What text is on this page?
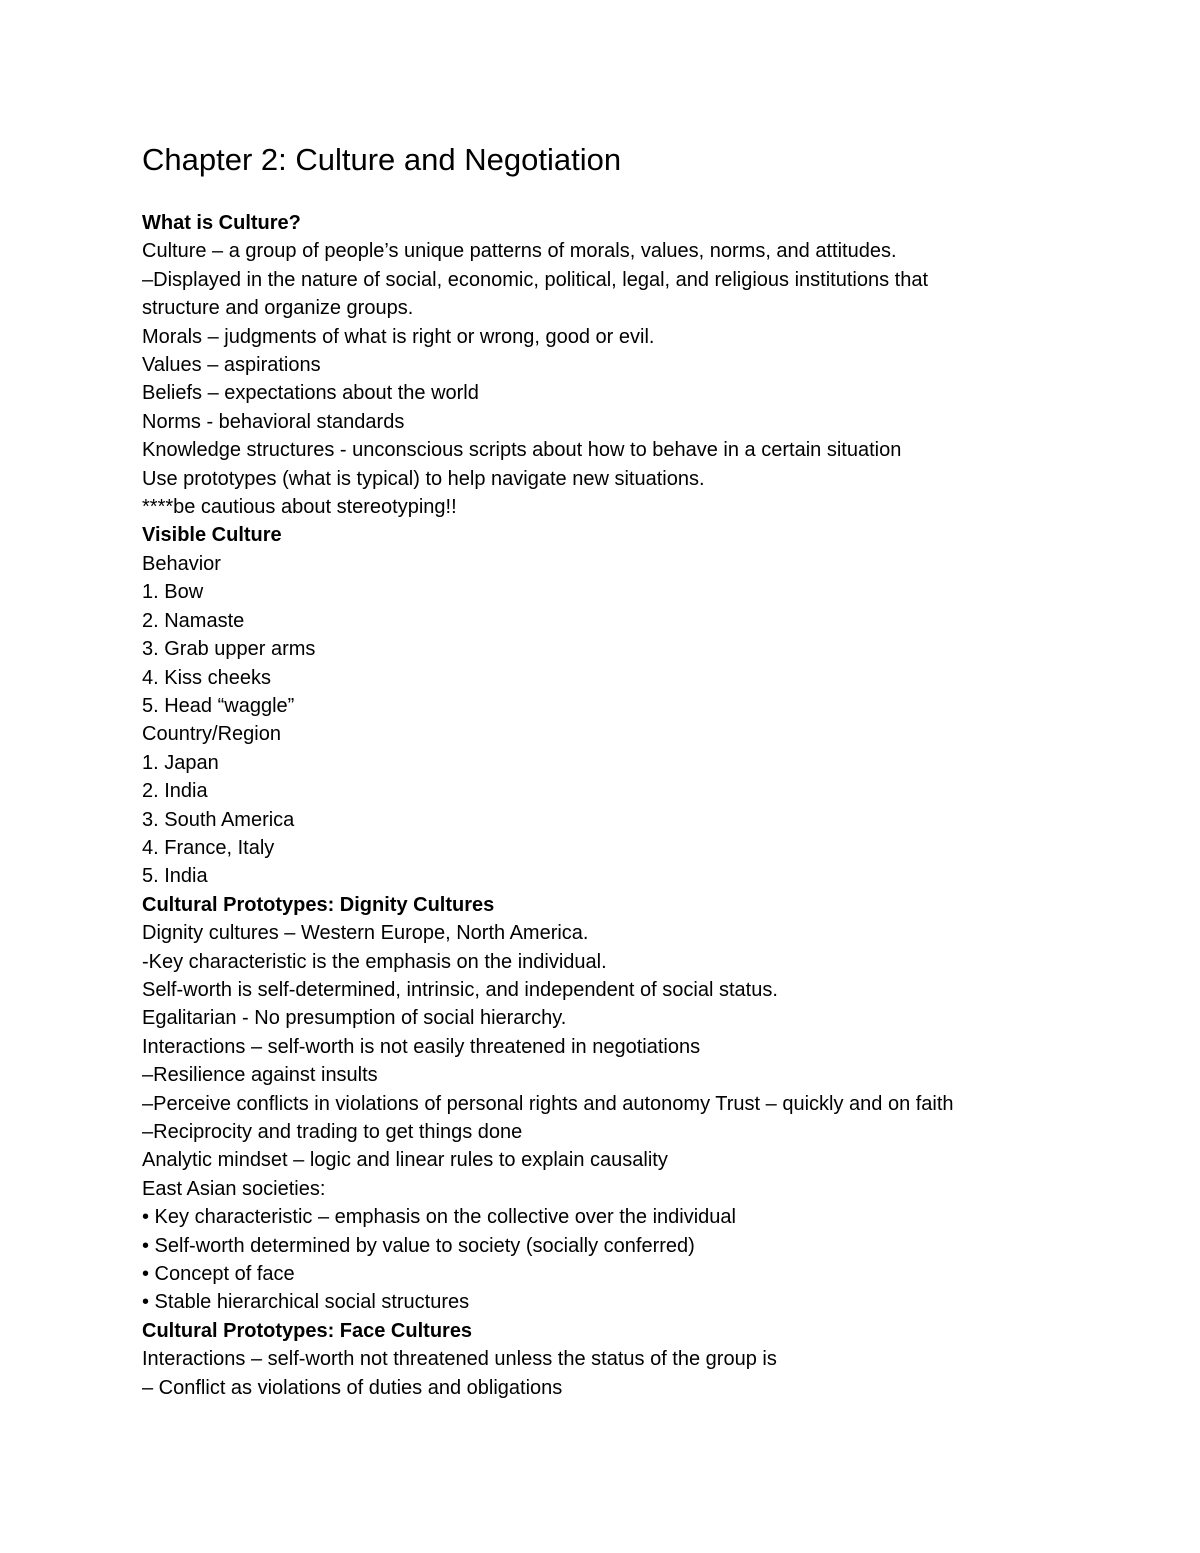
Chapter 2: Culture and Negotiation
What is Culture?
Culture – a group of people’s unique patterns of morals, values, norms, and attitudes.
–Displayed in the nature of social, economic, political, legal, and religious institutions that
structure and organize groups.
Morals – judgments of what is right or wrong, good or evil.
Values – aspirations
Beliefs – expectations about the world
Norms - behavioral standards
Knowledge structures - unconscious scripts about how to behave in a certain situation
Use prototypes (what is typical) to help navigate new situations.
****be cautious about stereotyping!!
Visible Culture
Behavior
1. Bow
2. Namaste
3. Grab upper arms
4. Kiss cheeks
5. Head “waggle”
Country/Region
1. Japan
2. India
3. South America
4. France, Italy
5. India
Cultural Prototypes: Dignity Cultures
Dignity cultures – Western Europe, North America.
-Key characteristic is the emphasis on the individual.
Self-worth is self-determined, intrinsic, and independent of social status.
Egalitarian - No presumption of social hierarchy.
Interactions – self-worth is not easily threatened in negotiations
–Resilience against insults
–Perceive conflicts in violations of personal rights and autonomy Trust – quickly and on faith
–Reciprocity and trading to get things done
Analytic mindset – logic and linear rules to explain causality
East Asian societies:
• Key characteristic – emphasis on the collective over the individual
• Self-worth determined by value to society (socially conferred)
• Concept of face
• Stable hierarchical social structures
Cultural Prototypes: Face Cultures
Interactions – self-worth not threatened unless the status of the group is
– Conflict as violations of duties and obligations
